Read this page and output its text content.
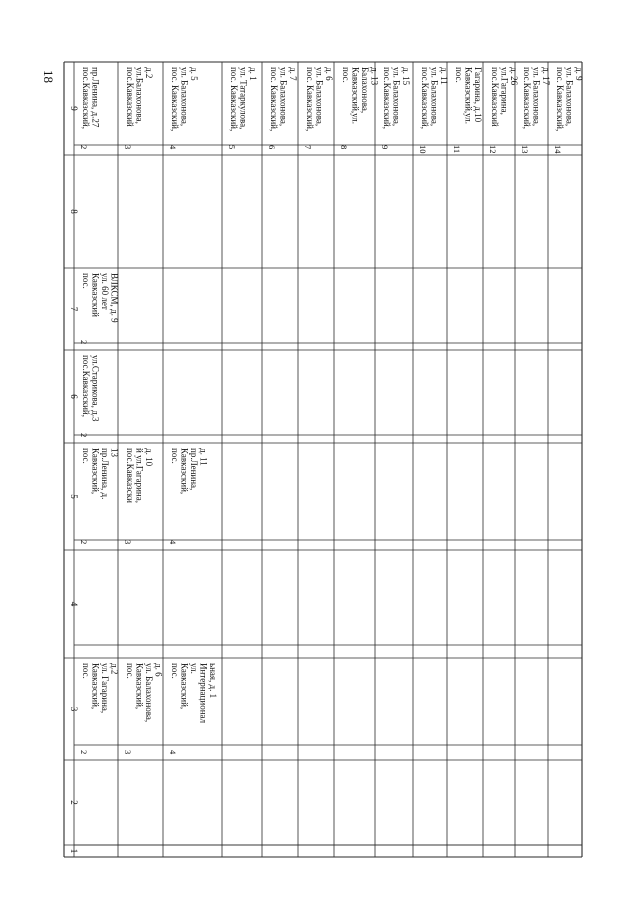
18
1
2
3
4
5
6
7
8
9
2
пос. Кавказский, ул. Гагарина, д.2
3
пос. Кавказский, ул. Балахонова, д. 6
4
пос. Кавказский, ул. Интернационал ьная, д. 1
2
пос. Кавказский, пр.Ленина, д. 13
3
пос.Кавказски й ул.Гагарина, д. 10
4
пос. Кавказский, пр.Ленина, д. 11
2
пос.Кавказский, ул.Старикова, д.3
2
пос. Кавказский ул. 60 лет ВЛКСМ, д. 9
2
пос.Кавказский, пр.Ленина, д.27
3
пос.Кавказский ул.Балахонова, д.2
4
пос. Кавказский, ул. Балахонова, д. 5
5
пос. Кавказский, ул. Татаркулова, д. 1
6
пос. Кавказский, ул. Балахонова, д. 7
7
пос. Кавказский, ул. Балахонова, д. 6
8
пос. Кавказский,ул. Балахонова, д. 13
9
пос.Кавказский, ул. Балахонова, д. 15
10
пос.Кавказский, ул. Балахонова, д. 11
11
пос. Кавказский,ул. Гагарина, д.10
12
пос.Кавказский ул.Гагарина, д. 26
13
пос.Кавказский, ул. Балахонова, д. 17
14
пос. Кавказский, ул. Балахонова, д. 9
